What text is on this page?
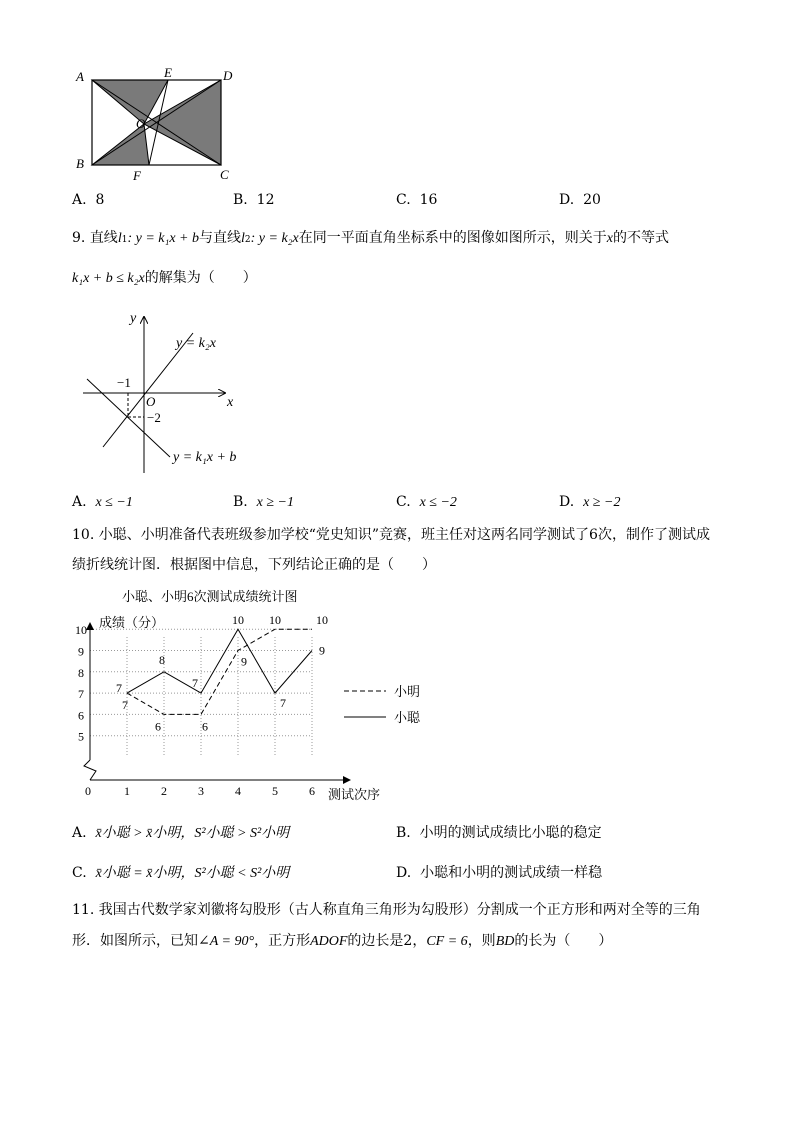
A	E	D
O
B
F	C
A. 8	B. 12	C. 16	D. 20
9. 直线l1: y = k₁x + b与直线l2: y = k₂x在同一平面直角坐标系中的图像如图所示，则关于x的不等式
k₁x + b ≤ k₂x的解集为（　　）
y
x
O
−1
−2
y = k₂x
y = k₁x + b
A. x ≤ −1	B. x ≥ −1	C. x ≤ −2	D. x ≥ −2
10. 小聪、小明准备代表班级参加学校“党史知识”竞赛，班主任对这两名同学测试了6次，制作了测试成
绩折线统计图．根据图中信息，下列结论正确的是（　　）
小聪、小明6次测试成绩统计图
成绩（分）
测试次序
5
6
7
8
9
10
0	1	2	3	4	5	6
7
6	6
9
10	10
7
8
7
10
7
9
小明
小聪
A. x̄小聪 > x̄小明，S²小聪 > S²小明	B. 小明的测试成绩比小聪的稳定
C. x̄小聪 = x̄小明，S²小聪 < S²小明	D. 小聪和小明的测试成绩一样稳
11. 我国古代数学家刘徽将勾股形（古人称直角三角形为勾股形）分割成一个正方形和两对全等的三角
形．如图所示，已知∠A = 90°，正方形ADOF的边长是2，CF = 6，则BD的长为（　　）
